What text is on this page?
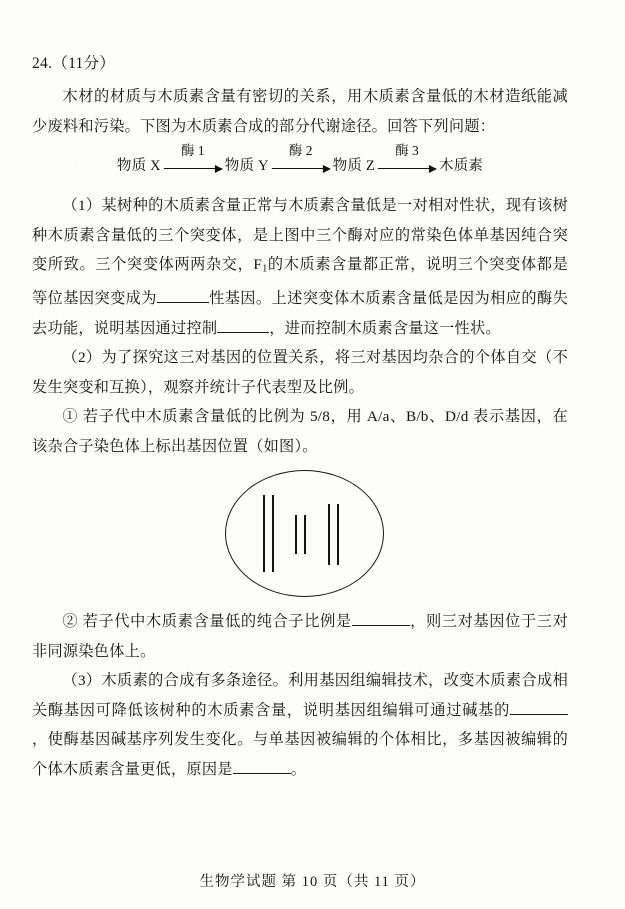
24.（11分）

木材的材质与木质素含量有密切的关系，用木质素含量低的木材造纸能减少废料和污染。下图为木质素合成的部分代谢途径。回答下列问题：

物质 X
酶 1
物质 Y
酶 2
物质 Z
酶 3
木质素

（1）某树种的木质素含量正常与木质素含量低是一对相对性状，现有该树种木质素含量低的三个突变体，是上图中三个酶对应的常染色体单基因纯合突变所致。三个突变体两两杂交，$F_1$的木质素含量都正常，说明三个突变体都是等位基因突变成为	性基因。上述突变体木质素含量低是因为相应的酶失去功能，说明基因通过控制	，进而控制木质素含量这一性状。

（2）为了探究这三对基因的位置关系，将三对基因均杂合的个体自交（不发生突变和互换），观察并统计子代表型及比例。

① 若子代中木质素含量低的比例为 5/8，用 A/a、B/b、D/d 表示基因，在该杂合子染色体上标出基因位置（如图）。

② 若子代中木质素含量低的纯合子比例是	，则三对基因位于三对非同源染色体上。

（3）木质素的合成有多条途径。利用基因组编辑技术，改变木质素合成相关酶基因可降低该树种的木质素含量，说明基因组编辑可通过碱基的，使酶基因碱基序列发生变化。与单基因被编辑的个体相比，多基因被编辑的个体木质素含量更低，原因是	。

生物学试题 第 10 页（共 11 页）
